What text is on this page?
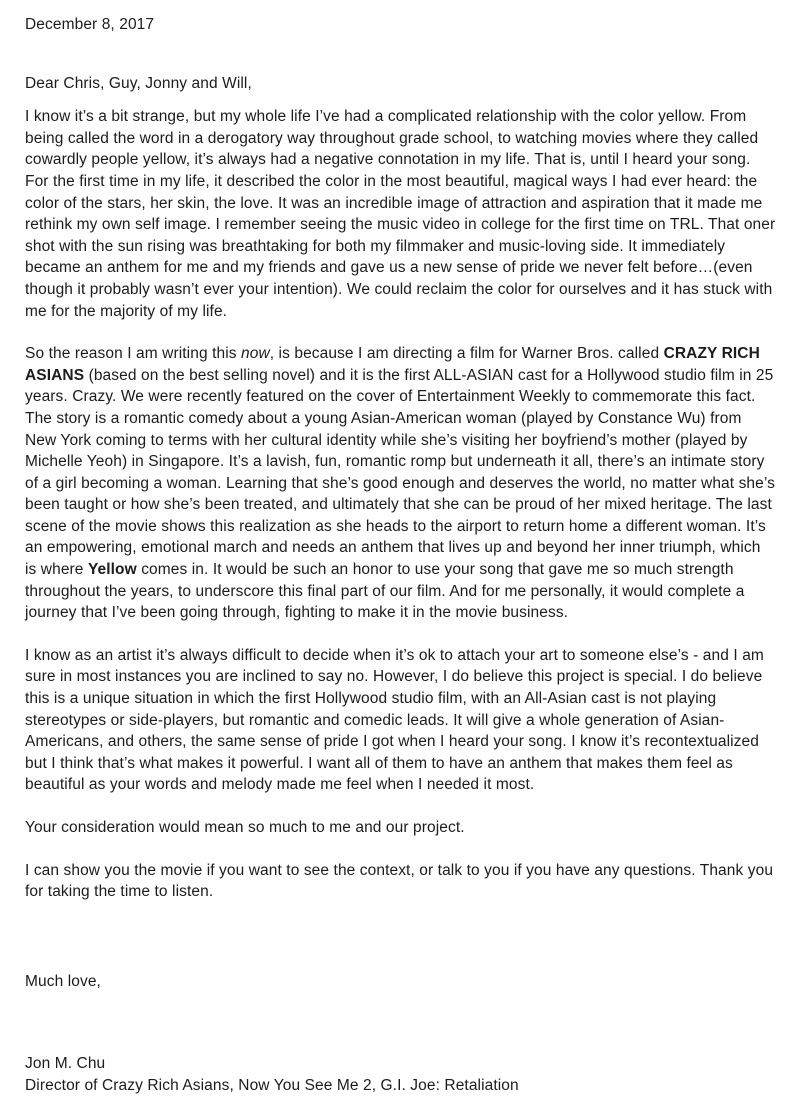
December 8, 2017

Dear Chris, Guy, Jonny and Will,

I know it’s a bit strange, but my whole life I’ve had a complicated relationship with the color yellow. From being called the word in a derogatory way throughout grade school, to watching movies where they called cowardly people yellow, it’s always had a negative connotation in my life. That is, until I heard your song. For the first time in my life, it described the color in the most beautiful, magical ways I had ever heard: the color of the stars, her skin, the love. It was an incredible image of attraction and aspiration that it made me rethink my own self image. I remember seeing the music video in college for the first time on TRL. That oner shot with the sun rising was breathtaking for both my filmmaker and music-loving side. It immediately became an anthem for me and my friends and gave us a new sense of pride we never felt before…(even though it probably wasn’t ever your intention). We could reclaim the color for ourselves and it has stuck with me for the majority of my life.

So the reason I am writing this now, is because I am directing a film for Warner Bros. called CRAZY RICH ASIANS (based on the best selling novel) and it is the first ALL-ASIAN cast for a Hollywood studio film in 25 years. Crazy. We were recently featured on the cover of Entertainment Weekly to commemorate this fact. The story is a romantic comedy about a young Asian-American woman (played by Constance Wu) from New York coming to terms with her cultural identity while she’s visiting her boyfriend’s mother (played by Michelle Yeoh) in Singapore. It’s a lavish, fun, romantic romp but underneath it all, there’s an intimate story of a girl becoming a woman. Learning that she’s good enough and deserves the world, no matter what she’s been taught or how she’s been treated, and ultimately that she can be proud of her mixed heritage. The last scene of the movie shows this realization as she heads to the airport to return home a different woman. It’s an empowering, emotional march and needs an anthem that lives up and beyond her inner triumph, which is where Yellow comes in. It would be such an honor to use your song that gave me so much strength throughout the years, to underscore this final part of our film. And for me personally, it would complete a journey that I’ve been going through, fighting to make it in the movie business.

I know as an artist it’s always difficult to decide when it’s ok to attach your art to someone else’s - and I am sure in most instances you are inclined to say no. However, I do believe this project is special. I do believe this is a unique situation in which the first Hollywood studio film, with an All-Asian cast is not playing stereotypes or side-players, but romantic and comedic leads. It will give a whole generation of Asian-Americans, and others, the same sense of pride I got when I heard your song. I know it’s recontextualized but I think that’s what makes it powerful. I want all of them to have an anthem that makes them feel as beautiful as your words and melody made me feel when I needed it most.

Your consideration would mean so much to me and our project.

I can show you the movie if you want to see the context, or talk to you if you have any questions. Thank you for taking the time to listen.

Much love,

Jon M. Chu

Director of Crazy Rich Asians, Now You See Me 2, G.I. Joe: Retaliation
